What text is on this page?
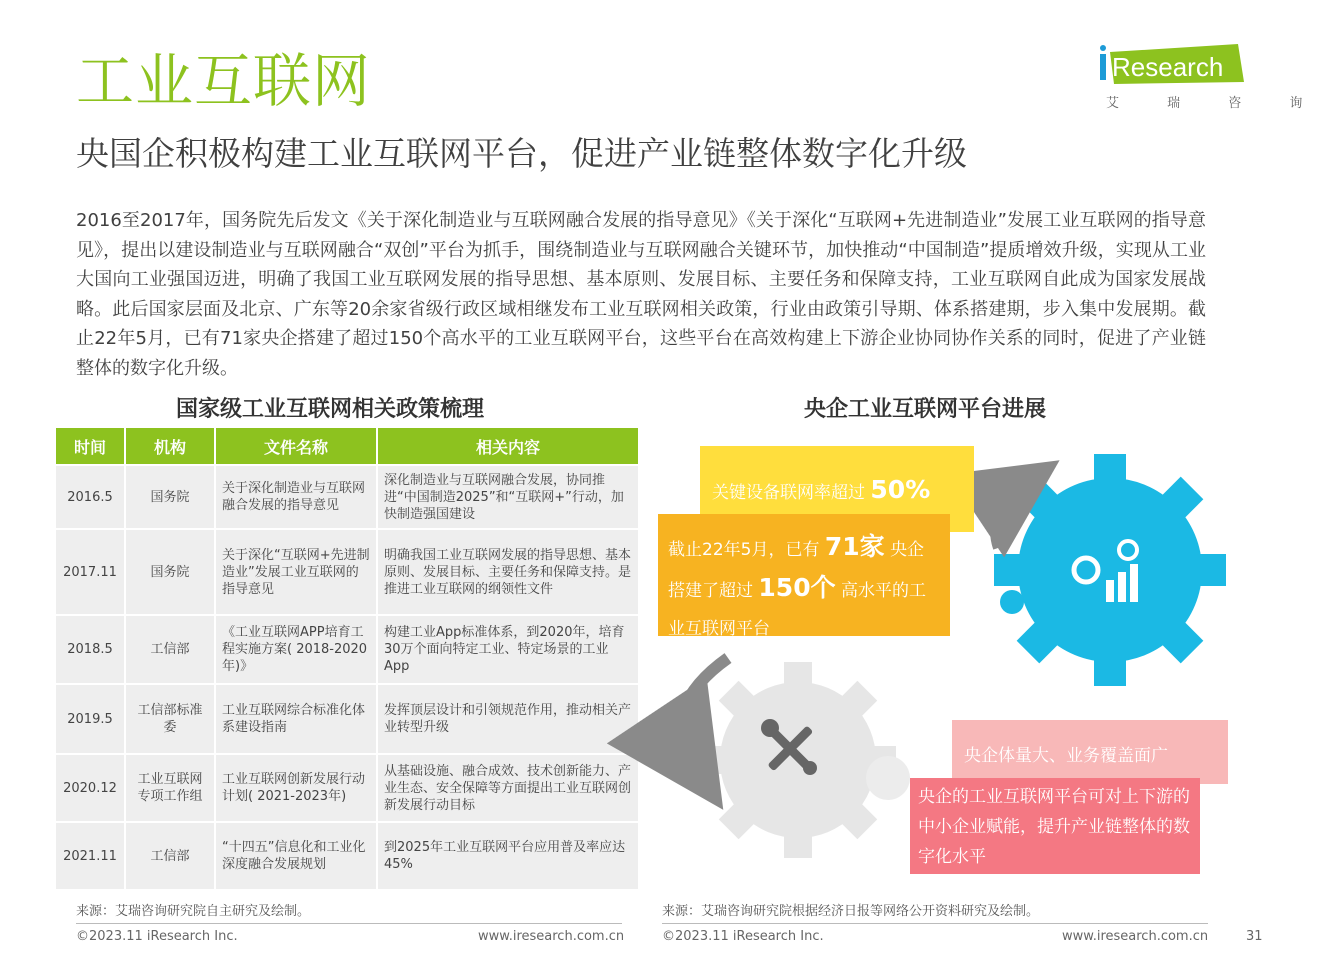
工业互联网	Research
艾 瑞 咨 询
央国企积极构建工业互联网平台，促进产业链整体数字化升级
2016至2017年，国务院先后发文《关于深化制造业与互联网融合发展的指导意见》《关于深化“互联网+先进制造业”发展工业互联网的指导意见》，提出以建设制造业与互联网融合“双创”平台为抓手，围绕制造业与互联网融合关键环节，加快推动“中国制造”提质增效升级，实现从工业大国向工业强国迈进，明确了我国工业互联网发展的指导思想、基本原则、发展目标、主要任务和保障支持，工业互联网自此成为国家发展战略。此后国家层面及北京、广东等20余家省级行政区域相继发布工业互联网相关政策，行业由政策引导期、体系搭建期，步入集中发展期。截止22年5月，已有71家央企搭建了超过150个高水平的工业互联网平台，这些平台在高效构建上下游企业协同协作关系的同时，促进了产业链整体的数字化升级。
国家级工业互联网相关政策梳理
时间	机构	文件名称	相关内容
2016.5	国务院	关于深化制造业与互联网融合发展的指导意见	深化制造业与互联网融合发展，协同推进“中国制造2025”和“互联网+”行动，加快制造强国建设
2017.11	国务院	关于深化“互联网+先进制造业”发展工业互联网的指导意见	明确我国工业互联网发展的指导思想、基本原则、发展目标、主要任务和保障支持。是推进工业互联网的纲领性文件
2018.5	工信部	《工业互联网APP培育工程实施方案( 2018-2020年)》	构建工业App标准体系，到2020年，培育30万个面向特定工业、特定场景的工业App
2019.5	工信部标准委	工业互联网综合标准化体系建设指南	发挥顶层设计和引领规范作用，推动相关产业转型升级
2020.12	工业互联网专项工作组	工业互联网创新发展行动计划( 2021-2023年)	从基础设施、融合成效、技术创新能力、产业生态、安全保障等方面提出工业互联网创新发展行动目标
2021.11	工信部	“十四五”信息化和工业化深度融合发展规划	到2025年工业互联网平台应用普及率应达45%
来源：艾瑞咨询研究院自主研究及绘制。
©2023.11 iResearch Inc.	www.iresearch.com.cn
央企工业互联网平台进展
关键设备联网率超过 50%
截止22年5月，已有 71家 央企
搭建了超过 150个 高水平的工
业互联网平台
央企体量大、业务覆盖面广
央企的工业互联网平台可对上下游的中小企业赋能，提升产业链整体的数字化水平
来源：艾瑞咨询研究院根据经济日报等网络公开资料研究及绘制。
©2023.11 iResearch Inc.	www.iresearch.com.cn	31
